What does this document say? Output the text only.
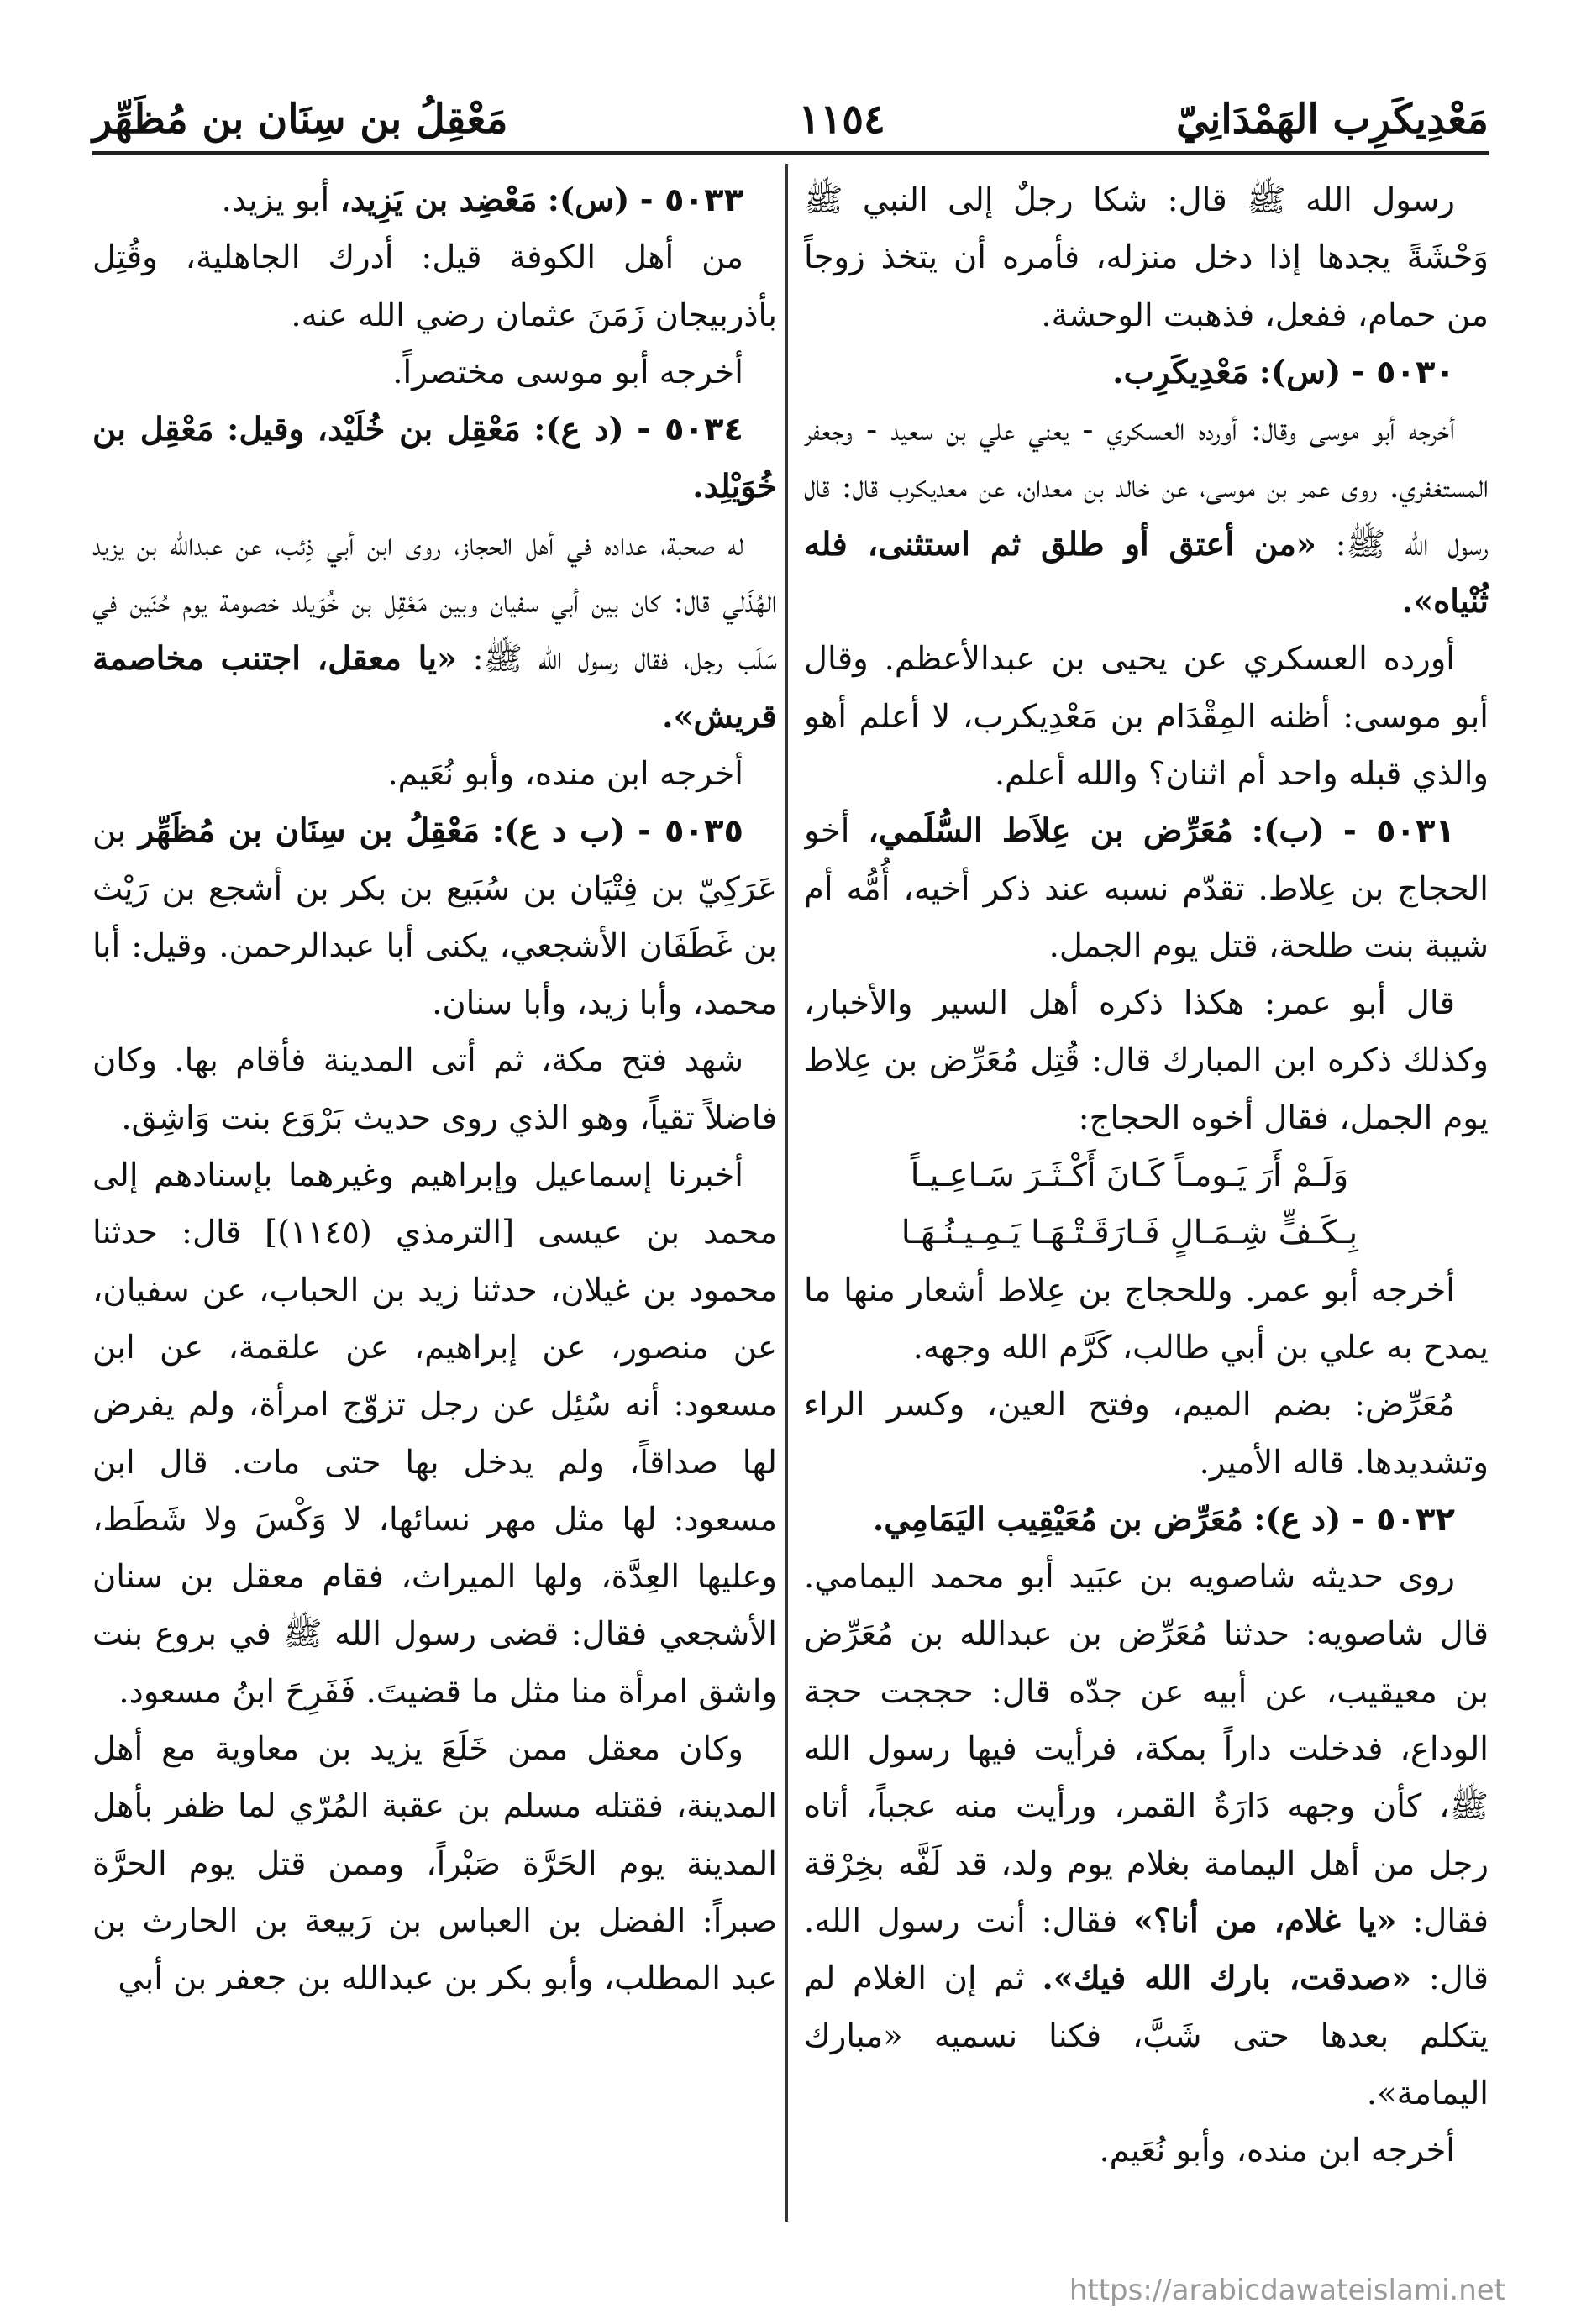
مَعْدِيكَرِب الهَمْدَانِيّ
١١٥٤
مَعْقِلُ بن سِنَان بن مُظَهِّر

رسول الله ﷺ قال: شكا رجلٌ إلى النبي ﷺ وَحْشَةً يجدها إذا دخل منزله، فأمره أن يتخذ زوجاً من حمام، ففعل، فذهبت الوحشة.

٥٠٣٠ - (س): مَعْدِيكَرِب.

أخرجه أبو موسى وقال: أورده العسكري - يعني علي بن سعيد - وجعفر المستغفري. روى عمر بن موسى، عن خالد بن معدان، عن معديكرب قال: قال رسول الله ﷺ: «من أعتق أو طلق ثم استثنى، فله ثُنْياه».

أورده العسكري عن يحيى بن عبدالأعظم. وقال أبو موسى: أظنه المِقْدَام بن مَعْدِيكرب، لا أعلم أهو والذي قبله واحد أم اثنان؟ والله أعلم.

٥٠٣١ - (ب): مُعَرِّض بن عِلاَط السُّلَمي، أخو الحجاج بن عِلاط. تقدّم نسبه عند ذكر أخيه، أُمُّه أم شيبة بنت طلحة، قتل يوم الجمل.

قال أبو عمر: هكذا ذكره أهل السير والأخبار، وكذلك ذكره ابن المبارك قال: قُتِل مُعَرِّض بن عِلاط يوم الجمل، فقال أخوه الحجاج:

وَلَـمْ أَرَ يَـومـاً كَـانَ أَكْـثَـرَ سَـاعِـيـاً

بِـكَـفٍّ شِـمَـالٍ فَـارَقَـتْـهَـا يَـمِـيـنُـهَـا

أخرجه أبو عمر. وللحجاج بن عِلاط أشعار منها ما يمدح به علي بن أبي طالب، كَرَّم الله وجهه.

مُعَرِّض: بضم الميم، وفتح العين، وكسر الراء وتشديدها. قاله الأمير.

٥٠٣٢ - (د ع): مُعَرِّض بن مُعَيْقِيب اليَمَامِي.

روى حديثه شاصويه بن عبَيد أبو محمد اليمامي. قال شاصويه: حدثنا مُعَرِّض بن عبدالله بن مُعَرِّض بن معيقيب، عن أبيه عن جدّه قال: حججت حجة الوداع، فدخلت داراً بمكة، فرأيت فيها رسول الله ﷺ، كأن وجهه دَارَةُ القمر، ورأيت منه عجباً، أتاه رجل من أهل اليمامة بغلام يوم ولد، قد لَفَّه بخِرْقة فقال: «يا غلام، من أنا؟» فقال: أنت رسول الله. قال: «صدقت، بارك الله فيك». ثم إن الغلام لم يتكلم بعدها حتى شَبَّ، فكنا نسميه «مبارك اليمامة».

أخرجه ابن منده، وأبو نُعَيم.

٥٠٣٣ - (س): مَعْضِد بن يَزِيد، أبو يزيد.

من أهل الكوفة قيل: أدرك الجاهلية، وقُتِل بأذربيجان زَمَنَ عثمان رضي الله عنه.

أخرجه أبو موسى مختصراً.

٥٠٣٤ - (د ع): مَعْقِل بن خُلَيْد، وقيل: مَعْقِل بن خُوَيْلِد.

له صحبة، عداده في أهل الحجاز، روى ابن أبي ذِئب، عن عبدالله بن يزيد الهُذَلي قال: كان بين أبي سفيان وبين مَعْقِل بن خُوَيلد خصومة يوم حُنَين في سَلَب رجل، فقال رسول الله ﷺ: «يا معقل، اجتنب مخاصمة قريش».

أخرجه ابن منده، وأبو نُعَيم.

٥٠٣٥ - (ب د ع): مَعْقِلُ بن سِنَان بن مُظَهِّر بن عَرَكِيّ بن فِتْيَان بن سُبَيع بن بكر بن أشجع بن رَيْث بن غَطَفَان الأشجعي، يكنى أبا عبدالرحمن. وقيل: أبا محمد، وأبا زيد، وأبا سنان.

شهد فتح مكة، ثم أتى المدينة فأقام بها. وكان فاضلاً تقياً، وهو الذي روى حديث بَرْوَع بنت وَاشِق.

أخبرنا إسماعيل وإبراهيم وغيرهما بإسنادهم إلى محمد بن عيسى [الترمذي (١١٤٥)] قال: حدثنا محمود بن غيلان، حدثنا زيد بن الحباب، عن سفيان، عن منصور، عن إبراهيم، عن علقمة، عن ابن مسعود: أنه سُئِل عن رجل تزوّج امرأة، ولم يفرض لها صداقاً، ولم يدخل بها حتى مات. قال ابن مسعود: لها مثل مهر نسائها، لا وَكْسَ ولا شَطَط، وعليها العِدَّة، ولها الميراث، فقام معقل بن سنان الأشجعي فقال: قضى رسول الله ﷺ في بروع بنت واشق امرأة منا مثل ما قضيتَ. فَفَرِحَ ابنُ مسعود.

وكان معقل ممن خَلَعَ يزيد بن معاوية مع أهل المدينة، فقتله مسلم بن عقبة المُرّي لما ظفر بأهل المدينة يوم الحَرَّة صَبْراً، وممن قتل يوم الحرَّة صبراً: الفضل بن العباس بن رَبيعة بن الحارث بن عبد المطلب، وأبو بكر بن عبدالله بن جعفر بن أبي

https://arabicdawateislami.net
